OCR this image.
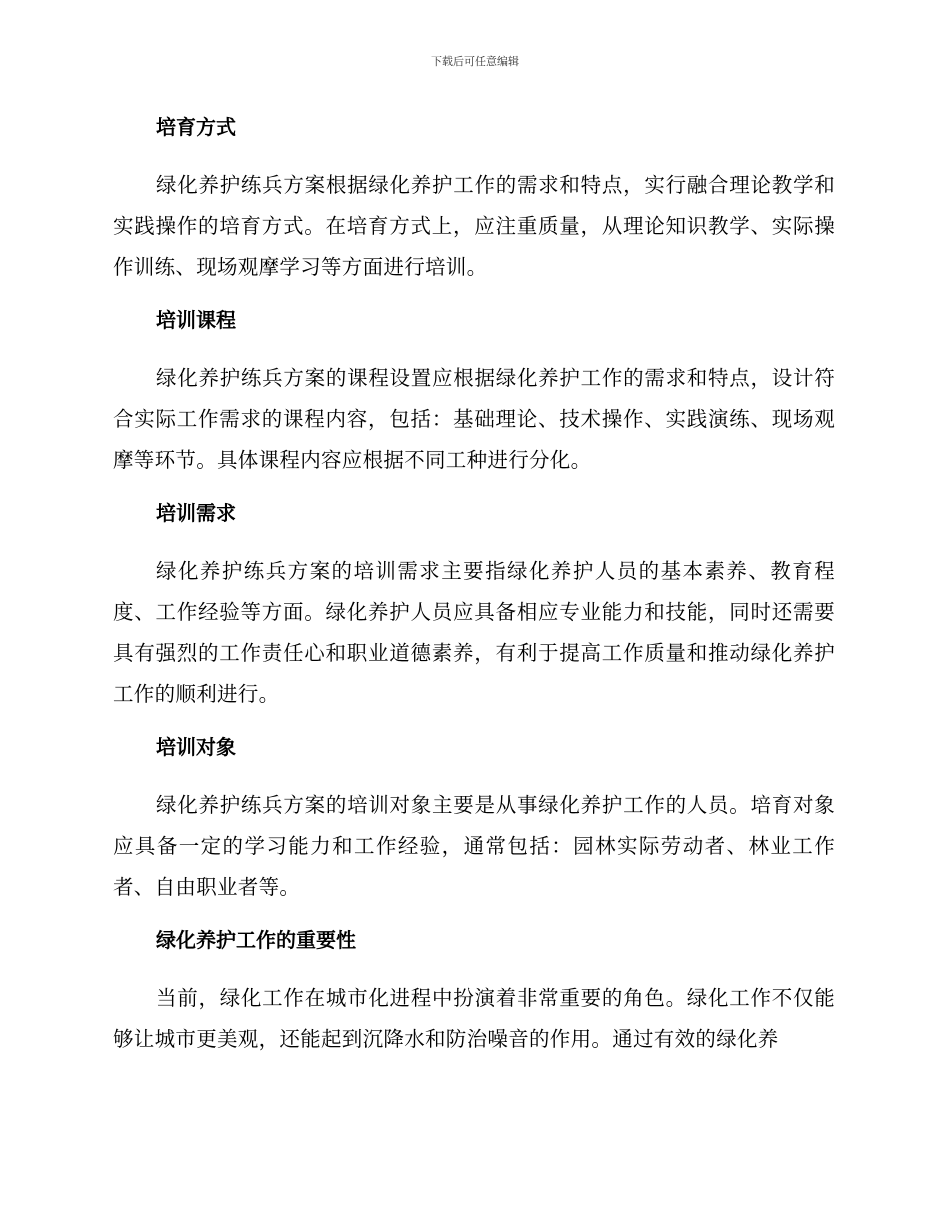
下载后可任意编辑
培育方式

绿化养护练兵方案根据绿化养护工作的需求和特点，实行融合理论教学和实践操作的培育方式。在培育方式上，应注重质量，从理论知识教学、实际操作训练、现场观摩学习等方面进行培训。

培训课程

绿化养护练兵方案的课程设置应根据绿化养护工作的需求和特点，设计符合实际工作需求的课程内容，包括：基础理论、技术操作、实践演练、现场观摩等环节。具体课程内容应根据不同工种进行分化。

培训需求

绿化养护练兵方案的培训需求主要指绿化养护人员的基本素养、教育程度、工作经验等方面。绿化养护人员应具备相应专业能力和技能，同时还需要具有强烈的工作责任心和职业道德素养，有利于提高工作质量和推动绿化养护工作的顺利进行。

培训对象

绿化养护练兵方案的培训对象主要是从事绿化养护工作的人员。培育对象应具备一定的学习能力和工作经验，通常包括：园林实际劳动者、林业工作者、自由职业者等。

绿化养护工作的重要性

当前，绿化工作在城市化进程中扮演着非常重要的角色。绿化工作不仅能够让城市更美观，还能起到沉降水和防治噪音的作用。通过有效的绿化养
